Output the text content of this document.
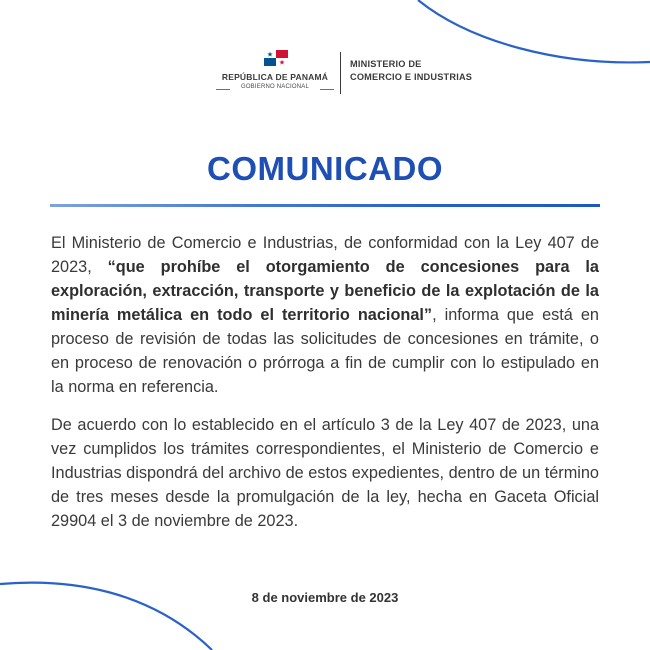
REPÚBLICA DE PANAMÁ
GOBIERNO NACIONAL
MINISTERIO DE
COMERCIO E INDUSTRIAS
COMUNICADO

El Ministerio de Comercio e Industrias, de conformidad con la Ley 407 de 2023, “que prohíbe el otorgamiento de concesiones para la exploración, extracción, transporte y beneficio de la explotación de la minería metálica en todo el territorio nacional”, informa que está en proceso de revisión de todas las solicitudes de concesiones en trámite, o en proceso de renovación o prórroga a fin de cumplir con lo estipulado en la norma en referencia.

De acuerdo con lo establecido en el artículo 3 de la Ley 407 de 2023, una vez cumplidos los trámites correspondientes, el Ministerio de Comercio e Industrias dispondrá del archivo de estos expedientes, dentro de un término de tres meses desde la promulgación de la ley, hecha en Gaceta Oficial 29904 el 3 de noviembre de 2023.

8 de noviembre de 2023
